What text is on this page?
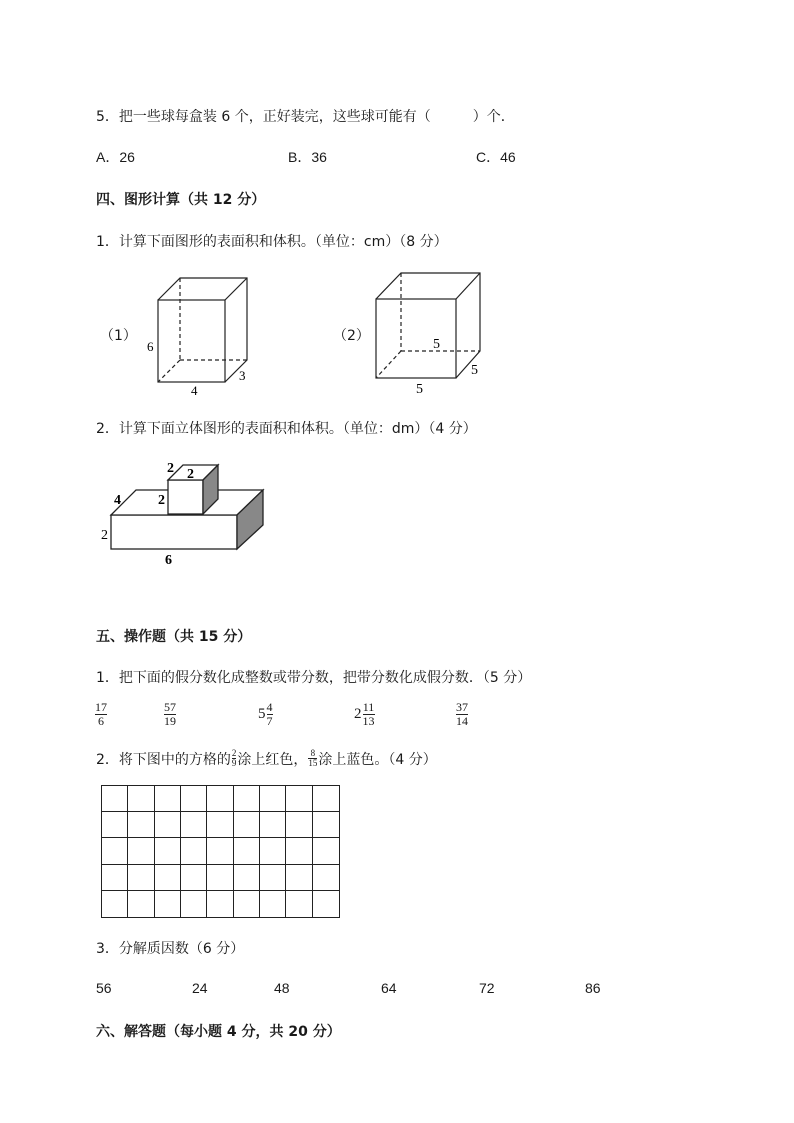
5．把一些球每盒装 6 个，正好装完，这些球可能有（　　　）个．
A．26	B．36	C．46
四、图形计算（共 12 分）
1．计算下面图形的表面积和体积。（单位：cm）（8 分）
（1）
6
4
3
（2）
5
5
5
2．计算下面立体图形的表面积和体积。（单位：dm）（4 分）
2 2
2
4
2
6
五、操作题（共 15 分）
1．把下面的假分数化成整数或带分数，把带分数化成假分数．（5 分）
17
6
57
19	$5 \frac{4}{7}$	$2 \frac{11}{13}$	37
14
2．将下图中的方格的 $\frac{2}{9}$ 涂上红色， $\frac{8}{15}$ 涂上蓝色。（4 分）
3．分解质因数（6 分）
56	24	48	64	72	86
六、解答题（每小题 4 分，共 20 分）
